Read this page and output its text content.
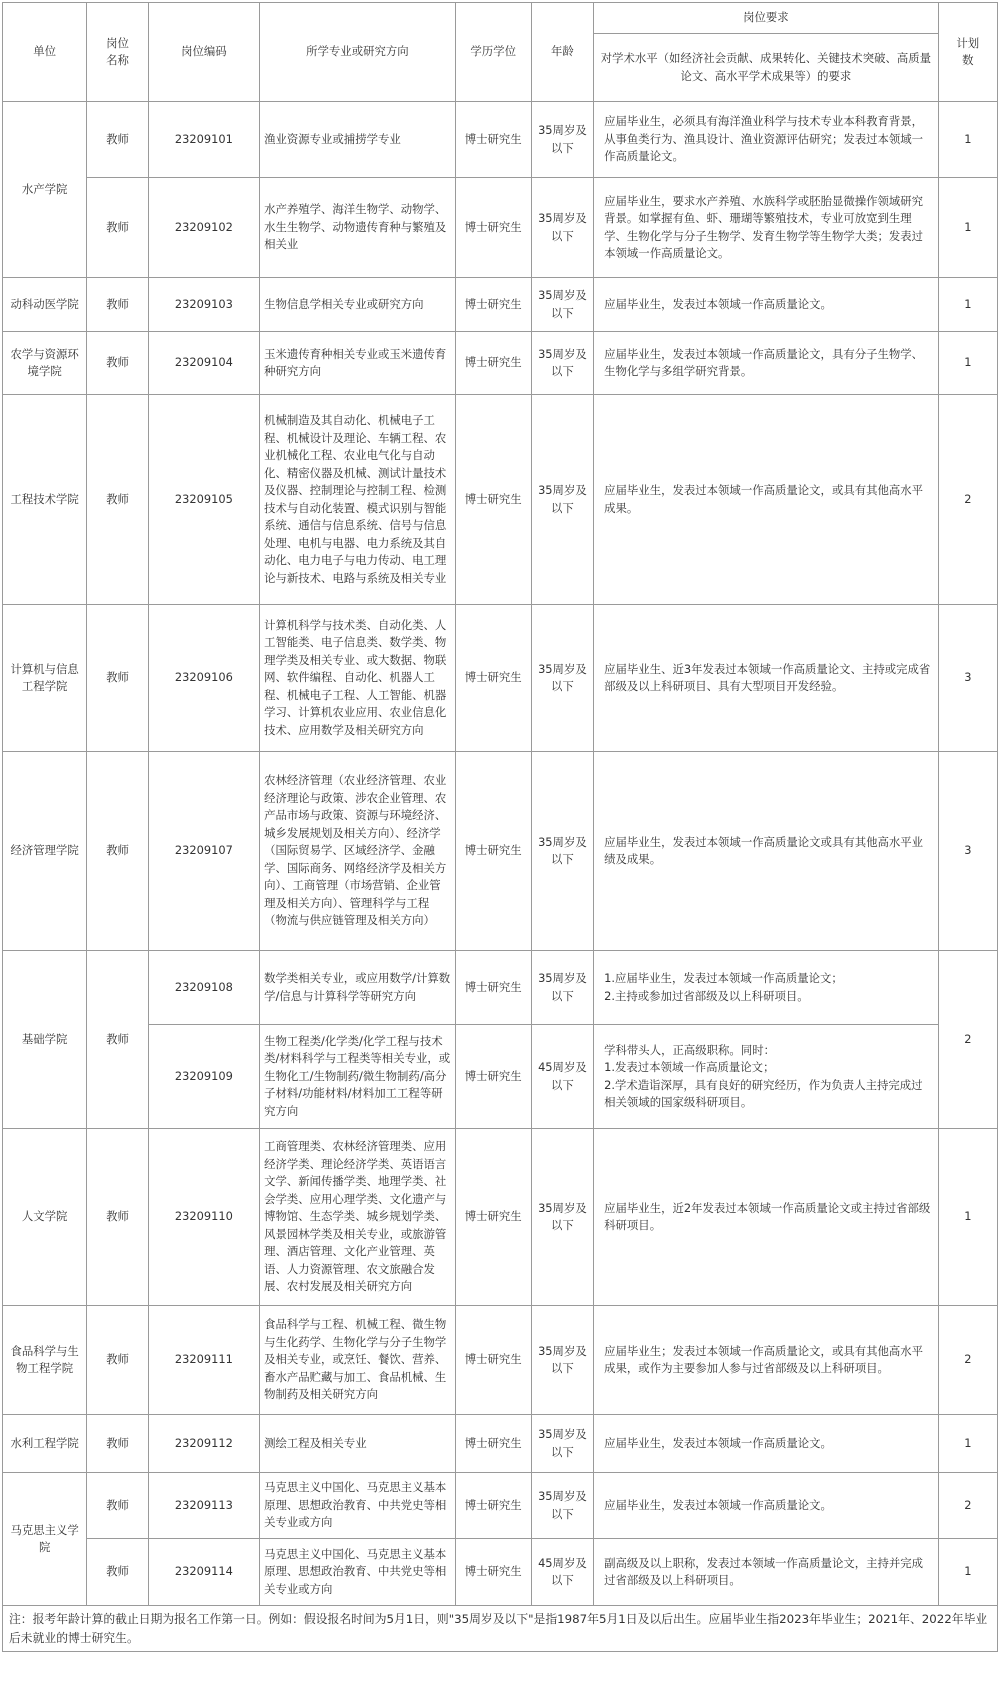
单位	岗位
名称	岗位编码	所学专业或研究方向	学历学位	年龄	岗位要求	计划
数
						对学术水平（如经济社会贡献、成果转化、关键技术突破、高质量论文、高水平学术成果等）的要求	
水产学院	教师	23209101	渔业资源专业或捕捞学专业	博士研究生	35周岁及以下	应届毕业生，必须具有海洋渔业科学与技术专业本科教育背景，从事鱼类行为、渔具设计、渔业资源评估研究；发表过本领域一作高质量论文。	1
	教师	23209102	水产养殖学、海洋生物学、动物学、水生生物学、动物遗传育种与繁殖及相关业	博士研究生	35周岁及以下	应届毕业生，要求水产养殖、水族科学或胚胎显微操作领域研究背景。如掌握有鱼、虾、珊瑚等繁殖技术，专业可放宽到生理学、生物化学与分子生物学、发育生物学等生物学大类；发表过本领域一作高质量论文。	1
动科动医学院	教师	23209103	生物信息学相关专业或研究方向	博士研究生	35周岁及以下	应届毕业生，发表过本领域一作高质量论文。	1
农学与资源环境学院	教师	23209104	玉米遗传育种相关专业或玉米遗传育种研究方向	博士研究生	35周岁及以下	应届毕业生，发表过本领域一作高质量论文，具有分子生物学、生物化学与多组学研究背景。	1
工程技术学院	教师	23209105	机械制造及其自动化、机械电子工程、机械设计及理论、车辆工程、农业机械化工程、农业电气化与自动化、精密仪器及机械、测试计量技术及仪器、控制理论与控制工程、检测技术与自动化装置、模式识别与智能系统、通信与信息系统、信号与信息处理、电机与电器、电力系统及其自动化、电力电子与电力传动、电工理论与新技术、电路与系统及相关专业	博士研究生	35周岁及以下	应届毕业生，发表过本领域一作高质量论文，或具有其他高水平成果。	2
计算机与信息工程学院	教师	23209106	计算机科学与技术类、自动化类、人工智能类、电子信息类、数学类、物理学类及相关专业、或大数据、物联网、软件编程、自动化、机器人工程、机械电子工程、人工智能、机器学习、计算机农业应用、农业信息化技术、应用数学及相关研究方向	博士研究生	35周岁及以下	应届毕业生、近3年发表过本领域一作高质量论文、主持或完成省部级及以上科研项目、具有大型项目开发经验。	3
经济管理学院	教师	23209107	农林经济管理（农业经济管理、农业经济理论与政策、涉农企业管理、农产品市场与政策、资源与环境经济、城乡发展规划及相关方向）、经济学（国际贸易学、区域经济学、金融学、国际商务、网络经济学及相关方向）、工商管理（市场营销、企业管理及相关方向）、管理科学与工程（物流与供应链管理及相关方向）	博士研究生	35周岁及以下	应届毕业生，发表过本领域一作高质量论文或具有其他高水平业绩及成果。	3
基础学院	教师	23209108	数学类相关专业，或应用数学/计算数学/信息与计算科学等研究方向	博士研究生	35周岁及以下	1.应届毕业生，发表过本领域一作高质量论文；
2.主持或参加过省部级及以上科研项目。	2
		23209109	生物工程类/化学类/化学工程与技术类/材料科学与工程类等相关专业，或生物化工/生物制药/微生物制药/高分子材料/功能材料/材料加工工程等研究方向	博士研究生	45周岁及以下	学科带头人，正高级职称。同时：
1.发表过本领域一作高质量论文；
2.学术造诣深厚，具有良好的研究经历，作为负责人主持完成过相关领域的国家级科研项目。	
人文学院	教师	23209110	工商管理类、农林经济管理类、应用经济学类、理论经济学类、英语语言文学、新闻传播学类、地理学类、社会学类、应用心理学类、文化遗产与博物馆、生态学类、城乡规划学类、风景园林学类及相关专业，或旅游管理、酒店管理、文化产业管理、英语、人力资源管理、农文旅融合发展、农村发展及相关研究方向	博士研究生	35周岁及以下	应届毕业生，近2年发表过本领域一作高质量论文或主持过省部级科研项目。	1
食品科学与生物工程学院	教师	23209111	食品科学与工程、机械工程、微生物与生化药学、生物化学与分子生物学及相关专业，或烹饪、餐饮、营养、畜水产品贮藏与加工、食品机械、生物制药及相关研究方向	博士研究生	35周岁及以下	应届毕业生；发表过本领域一作高质量论文，或具有其他高水平成果，或作为主要参加人参与过省部级及以上科研项目。	2
水利工程学院	教师	23209112	测绘工程及相关专业	博士研究生	35周岁及以下	应届毕业生，发表过本领域一作高质量论文。	1
马克思主义学院	教师	23209113	马克思主义中国化、马克思主义基本原理、思想政治教育、中共党史等相关专业或方向	博士研究生	35周岁及以下	应届毕业生，发表过本领域一作高质量论文。	2
	教师	23209114	马克思主义中国化、马克思主义基本原理、思想政治教育、中共党史等相关专业或方向	博士研究生	45周岁及以下	副高级及以上职称，发表过本领域一作高质量论文，主持并完成过省部级及以上科研项目。	1
注：报考年龄计算的截止日期为报名工作第一日。例如：假设报名时间为5月1日，则"35周岁及以下"是指1987年5月1日及以后出生。应届毕业生指2023年毕业生；2021年、2022年毕业后未就业的博士研究生。							
